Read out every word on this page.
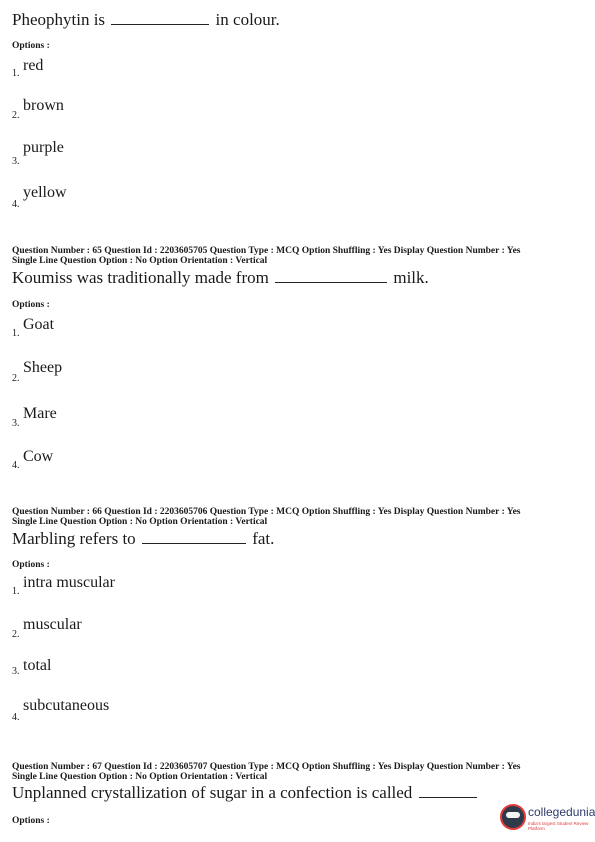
Pheophytin is	in colour.
Options :
1. red
2.
brown
3.
purple
4.
yellow
Question Number : 65 Question Id : 2203605705 Question Type : MCQ Option Shuffling : Yes Display Question Number : Yes
Single Line Question Option : No Option Orientation : Vertical
Koumiss was traditionally made from	milk.
Options :
1.
Goat
2.
Sheep
3.
Mare
4.
Cow
Question Number : 66 Question Id : 2203605706 Question Type : MCQ Option Shuffling : Yes Display Question Number : Yes
Single Line Question Option : No Option Orientation : Vertical
Marbling refers to	fat.
Options :
1.
intra muscular
2.
muscular
3. total
4.
subcutaneous
Question Number : 67 Question Id : 2203605707 Question Type : MCQ Option Shuffling : Yes Display Question Number : Yes
Single Line Question Option : No Option Orientation : Vertical
Unplanned crystallization of sugar in a confection is called
Options :
collegedunia
India's largest Student Review Platform
